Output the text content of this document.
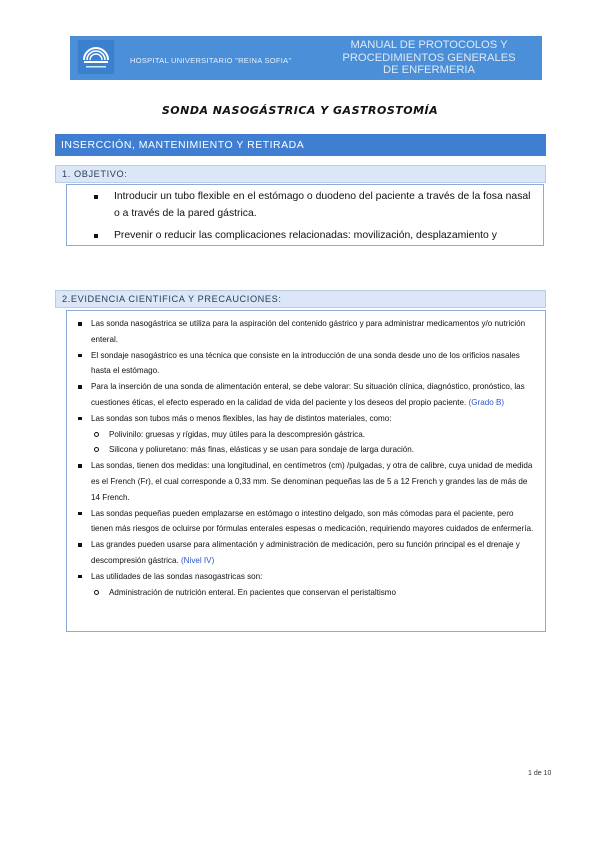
HOSPITAL UNIVERSITARIO "REINA SOFIA"
MANUAL DE PROTOCOLOS Y
PROCEDIMIENTOS GENERALES
DE ENFERMERIA
SONDA NASOGÁSTRICA Y GASTROSTOMÍA
INSERCCIÓN, MANTENIMIENTO Y RETIRADA
1. OBJETIVO:
Introducir un tubo flexible en el estómago o duodeno del paciente a través de la fosa nasal o a través de la pared gástrica.
Prevenir o reducir las complicaciones relacionadas: movilización, desplazamiento y
2.EVIDENCIA CIENTIFICA Y PRECAUCIONES:
Las sonda nasogástrica se utiliza para la aspiración del contenido gástrico y para administrar medicamentos y/o nutrición enteral.
El sondaje nasogástrico es una técnica que consiste en la introducción de una sonda desde uno de los orificios nasales hasta el estómago.
Para la inserción de una sonda de alimentación enteral, se debe valorar: Su situación clínica, diagnóstico, pronóstico, las cuestiones éticas, el efecto esperado en la calidad de vida del paciente y los deseos del propio paciente. (Grado B)
Las sondas son tubos más o menos flexibles, las hay de distintos materiales, como:
Polivinilo: gruesas y rígidas, muy útiles para la descompresión gástrica.
Silicona y poliuretano: más finas, elásticas y se usan para sondaje de larga duración.
Las sondas, tienen dos medidas: una longitudinal, en centímetros (cm) /pulgadas, y otra de calibre, cuya unidad de medida es el French (Fr), el cual corresponde a 0,33 mm. Se denominan pequeñas las de 5 a 12 French y grandes las de más de 14 French.
Las sondas pequeñas pueden emplazarse en estómago o intestino delgado, son más cómodas para el paciente, pero tienen más riesgos de ocluirse por fórmulas enterales espesas o medicación, requiriendo mayores cuidados de enfermería.
Las grandes pueden usarse para alimentación y administración de medicación, pero su función principal es el drenaje y descompresión gástrica. (Nivel IV)
Las utilidades de las sondas nasogastricas son:
Administración de nutrición enteral. En pacientes que conservan el peristaltismo
1 de 10
